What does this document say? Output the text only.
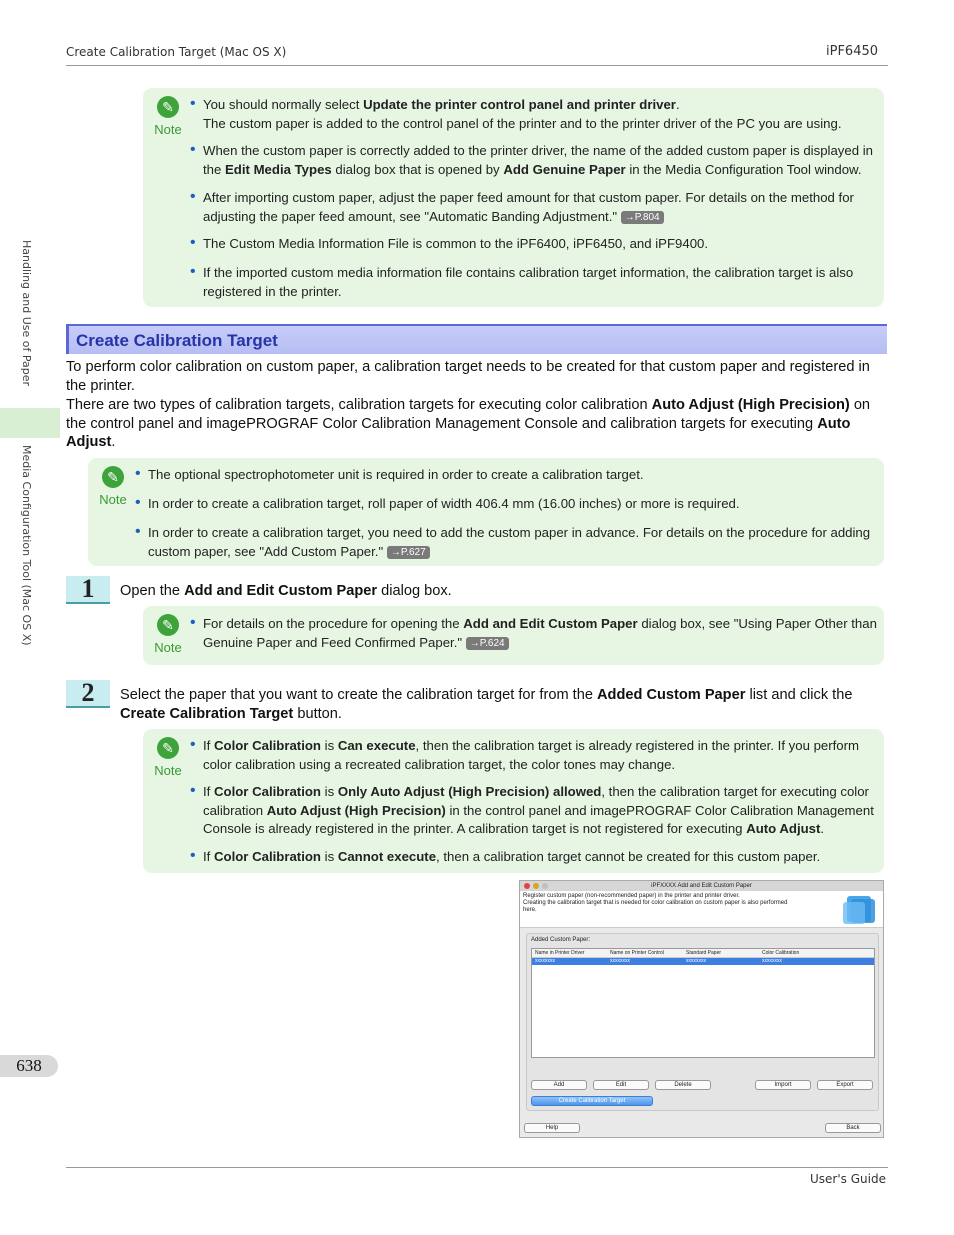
Create Calibration Target (Mac OS X)	iPF6450
Handling and Use of Paper
Media Configuration Tool (Mac OS X)
638
✎
Note
• You should normally select Update the printer control panel and printer driver.
The custom paper is added to the control panel of the printer and to the printer driver of the PC you are using.
• When the custom paper is correctly added to the printer driver, the name of the added custom paper is displayed in the Edit Media Types dialog box that is opened by Add Genuine Paper in the Media Configuration Tool window.
• After importing custom paper, adjust the paper feed amount for that custom paper. For details on the method for adjusting the paper feed amount, see "Automatic Banding Adjustment." →P.804
• The Custom Media Information File is common to the iPF6400, iPF6450, and iPF9400.
• If the imported custom media information file contains calibration target information, the calibration target is also registered in the printer.
Create Calibration Target
To perform color calibration on custom paper, a calibration target needs to be created for that custom paper and registered in the printer.
There are two types of calibration targets, calibration targets for executing color calibration Auto Adjust (High Precision) on the control panel and imagePROGRAF Color Calibration Management Console and calibration targets for executing Auto Adjust.
✎
Note
• The optional spectrophotometer unit is required in order to create a calibration target.
• In order to create a calibration target, roll paper of width 406.4 mm (16.00 inches) or more is required.
• In order to create a calibration target, you need to add the custom paper in advance. For details on the procedure for adding custom paper, see "Add Custom Paper." →P.627
1	Open the Add and Edit Custom Paper dialog box.
✎
Note
• For details on the procedure for opening the Add and Edit Custom Paper dialog box, see "Using Paper Other than Genuine Paper and Feed Confirmed Paper." →P.624
2	Select the paper that you want to create the calibration target for from the Added Custom Paper list and click the Create Calibration Target button.
✎
Note
• If Color Calibration is Can execute, then the calibration target is already registered in the printer. If you perform color calibration using a recreated calibration target, the color tones may change.
• If Color Calibration is Only Auto Adjust (High Precision) allowed, then the calibration target for executing color calibration Auto Adjust (High Precision) in the control panel and imagePROGRAF Color Calibration Management Console is already registered in the printer. A calibration target is not registered for executing Auto Adjust.
• If Color Calibration is Cannot execute, then a calibration target cannot be created for this custom paper.
iPFXXXX Add and Edit Custom Paper
Register custom paper (non-recommended paper) in the printer and printer driver.
Creating the calibration target that is needed for color calibration on custom paper is also performed
here.
Added Custom Paper:
Name in Printer Driver	Name on Printer Control	Standard Paper	Color Calibration
xxxxxxxx	xxxxxxxx	xxxxxxxx	xxxxxxxx
Add	Edit	Delete	Import	Export
Create Calibration Target
Help	Back
User's Guide
